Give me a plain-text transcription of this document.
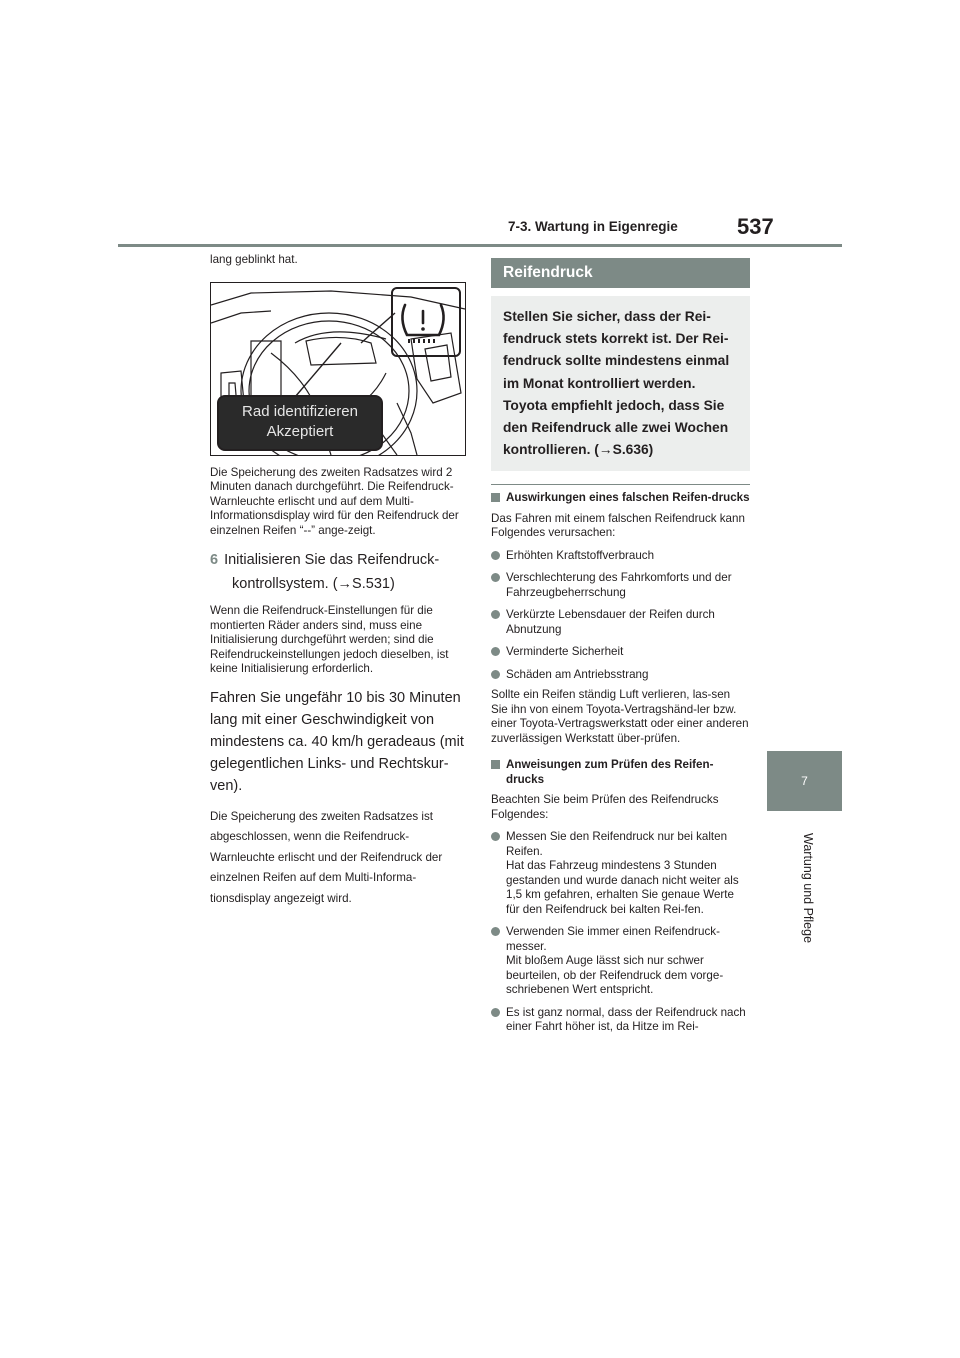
7-3. Wartung in Eigenregie	537
7
Wartung und Pflege

lang geblinkt hat.

Rad identifizieren
Akzeptiert

Die Speicherung des zweiten Radsatzes wird 2 Minuten danach durchgeführt. Die Reifendruck-Warnleuchte erlischt und auf dem Multi-Informationsdisplay wird für den Reifendruck der einzelnen Reifen “--” ange-zeigt.

6 Initialisieren Sie das Reifendruck-
kontrollsystem. (→S.531)

Wenn die Reifendruck-Einstellungen für die montierten Räder anders sind, muss eine Initialisierung durchgeführt werden; sind die Reifendruckeinstellungen jedoch dieselben, ist keine Initialisierung erforderlich.

Fahren Sie ungefähr 10 bis 30 Minuten lang mit einer Geschwindigkeit von mindestens ca. 40 km/h geradeaus (mit gelegentlichen Links- und Rechtskur-ven).

Die Speicherung des zweiten Radsatzes ist abgeschlossen, wenn die Reifendruck-Warnleuchte erlischt und der Reifendruck der einzelnen Reifen auf dem Multi-Informa-tionsdisplay angezeigt wird.

Reifendruck
Stellen Sie sicher, dass der Rei-fendruck stets korrekt ist. Der Rei-fendruck sollte mindestens einmal im Monat kontrolliert werden. Toyota empfiehlt jedoch, dass Sie den Reifendruck alle zwei Wochen kontrollieren. (→S.636)
Auswirkungen eines falschen Reifen-drucks

Das Fahren mit einem falschen Reifendruck kann Folgendes verursachen:

Erhöhten Kraftstoffverbrauch
Verschlechterung des Fahrkomforts und der Fahrzeugbeherrschung
Verkürzte Lebensdauer der Reifen durch Abnutzung
Verminderte Sicherheit
Schäden am Antriebsstrang

Sollte ein Reifen ständig Luft verlieren, las-sen Sie ihn von einem Toyota-Vertragshänd-ler bzw. einer Toyota-Vertragswerkstatt oder einer anderen zuverlässigen Werkstatt über-prüfen.

Anweisungen zum Prüfen des Reifen-drucks

Beachten Sie beim Prüfen des Reifendrucks Folgendes:

Messen Sie den Reifendruck nur bei kalten Reifen.
Hat das Fahrzeug mindestens 3 Stunden gestanden und wurde danach nicht weiter als 1,5 km gefahren, erhalten Sie genaue Werte für den Reifendruck bei kalten Rei-fen.
Verwenden Sie immer einen Reifendruck-messer.
Mit bloßem Auge lässt sich nur schwer beurteilen, ob der Reifendruck dem vorge-schriebenen Wert entspricht.
Es ist ganz normal, dass der Reifendruck nach einer Fahrt höher ist, da Hitze im Rei-
